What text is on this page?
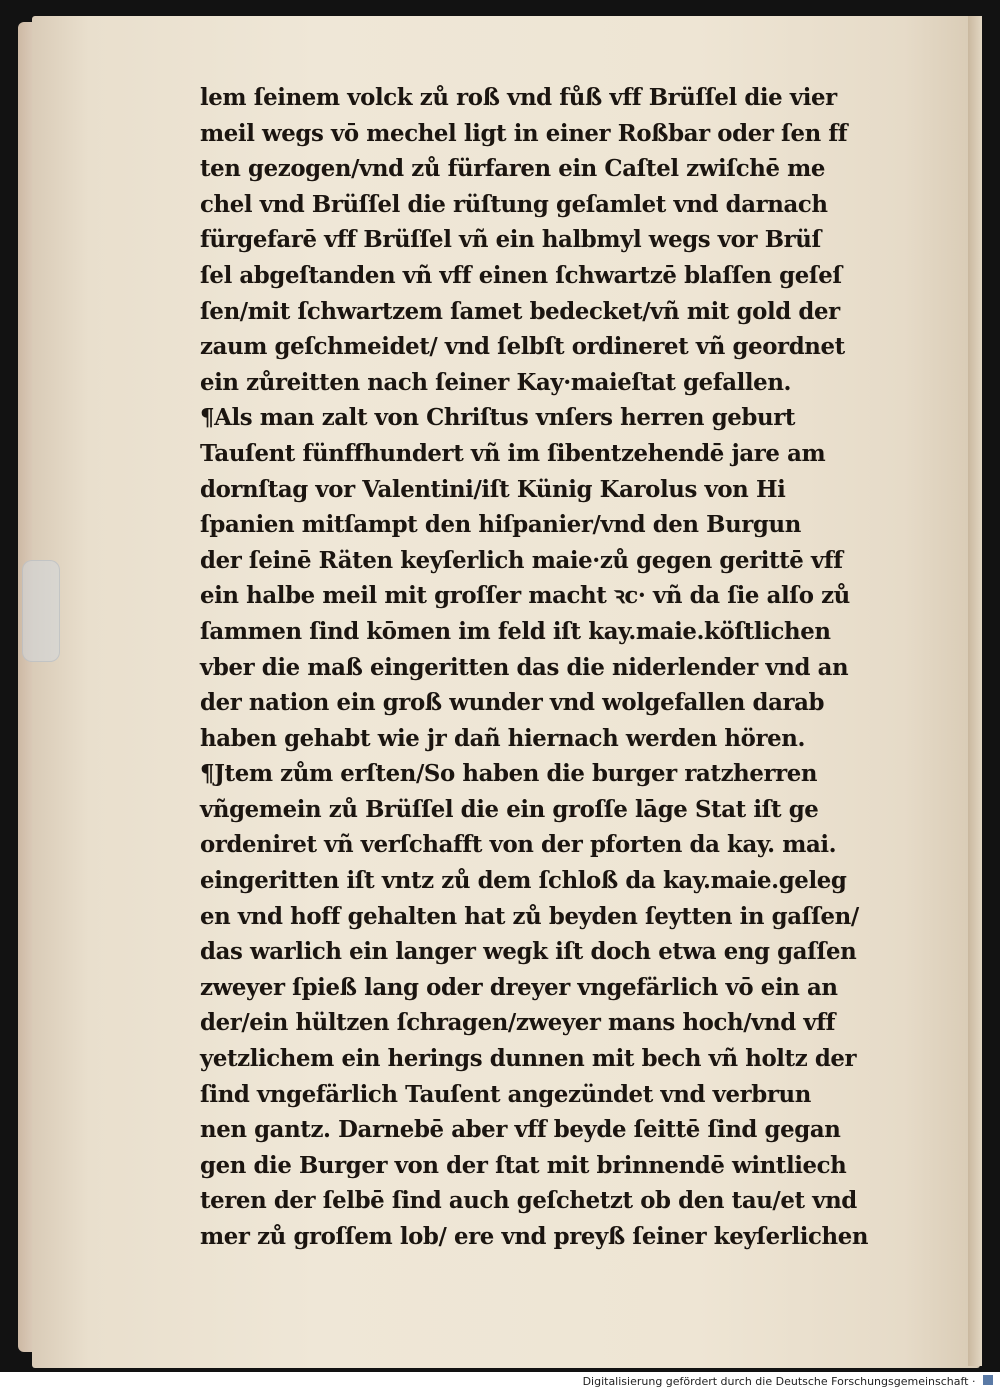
lem ſeinem volck zů roß vnd fůß vff Brüſſel die vier
meil wegs vō mechel ligt in einer Roßbar oder ſen ff
ten gezogen/vnd zů fürfaren ein Caſtel zwiſchē me
chel vnd Brüſſel die rüſtung geſamlet vnd darnach
fürgefarē vff Brüſſel vñ ein halbmyl wegs vor Brüſ
ſel abgeſtanden vñ vff einen ſchwartzē blaſſen geſeſ
ſen/mit ſchwartzem ſamet bedecket/vñ mit gold der
zaum geſchmeidet/ vnd ſelbſt ordineret vñ geordnet
ein zůreitten nach ſeiner Kay·maieſtat gefallen.
¶Als man zalt von Chriſtus vnſers herren geburt
Tauſent fünffhundert vñ im ſibentzehendē jare am
dornſtag vor Valentini/iſt Künig Karolus von Hi
ſpanien mitſampt den hiſpanier/vnd den Burgun
der ſeinē Räten keyſerlich maie·zů gegen gerittē vff
ein halbe meil mit groſſer macht ꝛc· vñ da ſie alſo zů
ſammen ſind kōmen im feld iſt kay.maie.köſtlichen
vber die maß eingeritten das die niderlender vnd an
der nation ein groß wunder vnd wolgefallen darab
haben gehabt wie jr dañ hiernach werden hören.
¶Jtem zům erſten/So haben die burger ratzherren
vñgemein zů Brüſſel die ein groſſe lāge Stat iſt ge
ordeniret vñ verſchafft von der pforten da kay. mai.
eingeritten iſt vntz zů dem ſchloß da kay.maie.geleg
en vnd hoff gehalten hat zů beyden ſeytten in gaſſen/
das warlich ein langer wegk iſt doch etwa eng gaſſen
zweyer ſpieß lang oder dreyer vngefärlich vō ein an
der/ein hültzen ſchragen/zweyer mans hoch/vnd vff
yetzlichem ein herings dunnen mit bech vñ holtz der
ſind vngefärlich Tauſent angezündet vnd verbrun
nen gantz. Darnebē aber vff beyde ſeittē ſind gegan
gen die Burger von der ſtat mit brinnendē wintliech
teren der ſelbē ſind auch geſchetzt ob den tau/et vnd
mer zů groſſem lob/ ere vnd preyß ſeiner keyſerlichen
Digitalisierung gefördert durch die Deutsche Forschungsgemeinschaft ·
